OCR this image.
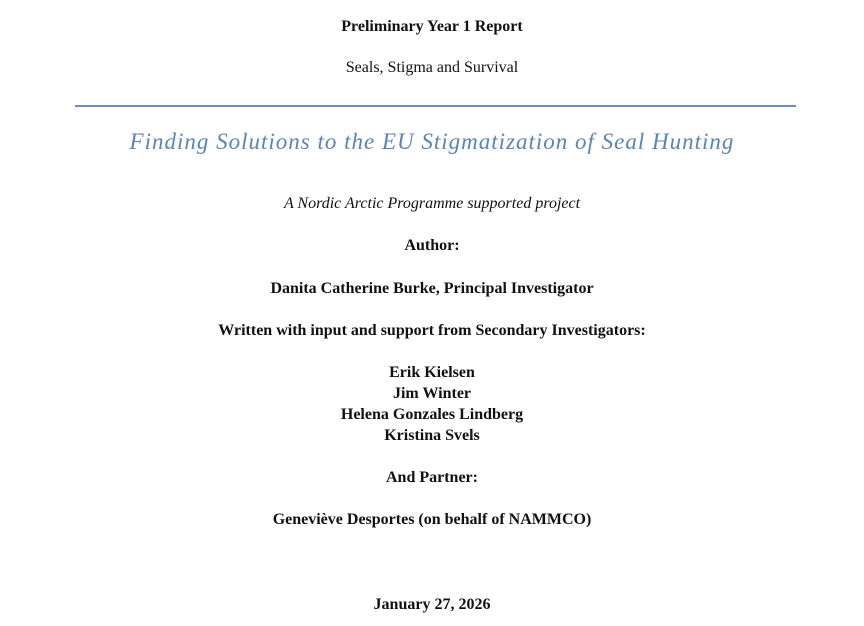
Preliminary Year 1 Report
Seals, Stigma and Survival
Finding Solutions to the EU Stigmatization of Seal Hunting
A Nordic Arctic Programme supported project
Author:
Danita Catherine Burke, Principal Investigator
Written with input and support from Secondary Investigators:
Erik Kielsen
Jim Winter
Helena Gonzales Lindberg
Kristina Svels
And Partner:
Geneviève Desportes (on behalf of NAMMCO)
January 27, 2026
